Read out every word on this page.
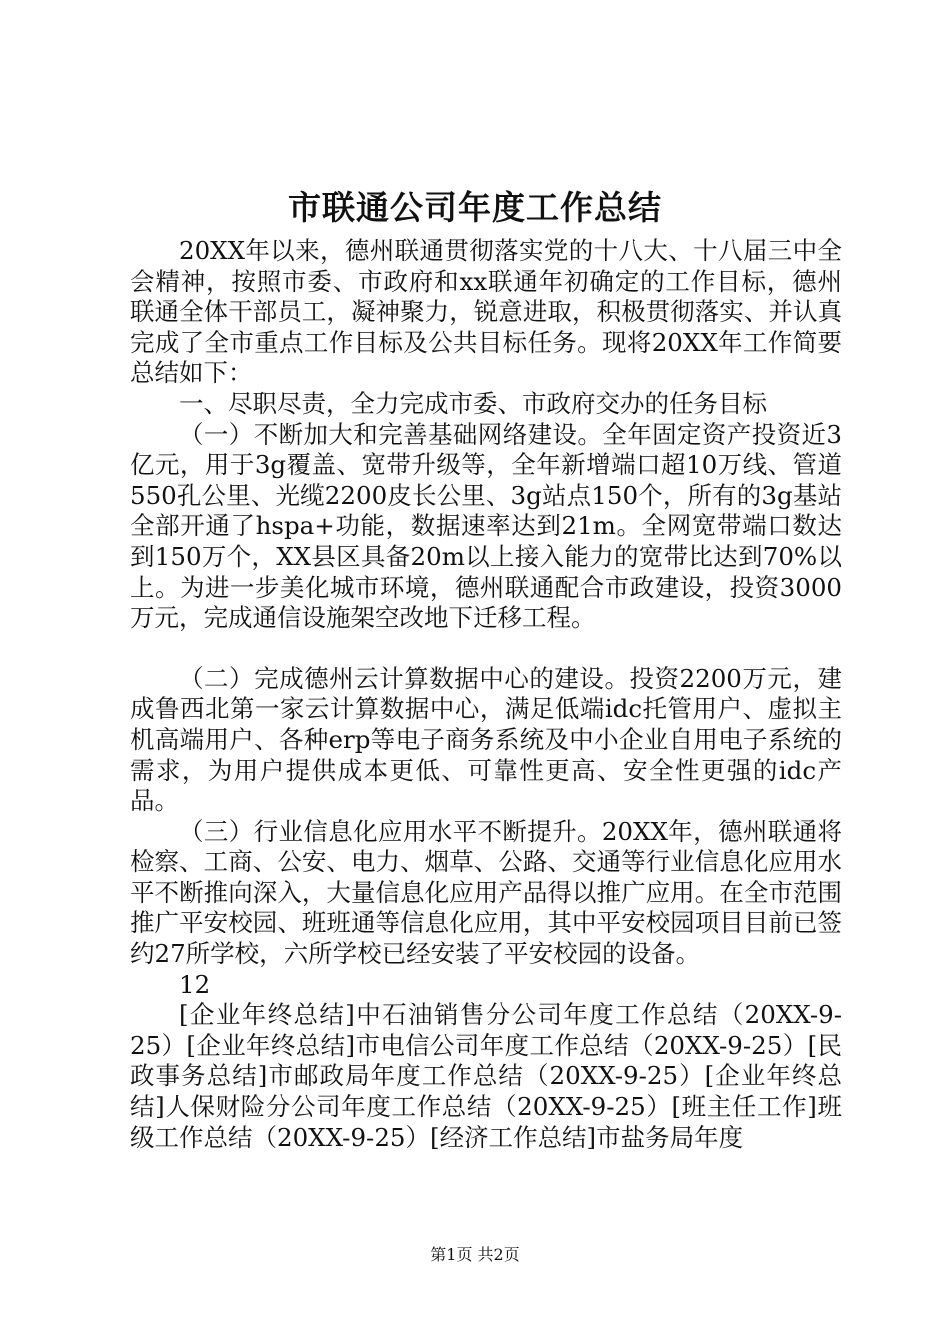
市联通公司年度工作总结

20XX年以来，德州联通贯彻落实党的十八大、十八届三中全会精神，按照市委、市政府和xx联通年初确定的工作目标，德州联通全体干部员工，凝神聚力，锐意进取，积极贯彻落实、并认真完成了全市重点工作目标及公共目标任务。现将20XX年工作简要总结如下：

一、尽职尽责，全力完成市委、市政府交办的任务目标

（一）不断加大和完善基础网络建设。全年固定资产投资近3亿元，用于3g覆盖、宽带升级等，全年新增端口超10万线、管道550孔公里、光缆2200皮长公里、3g站点150个，所有的3g基站全部开通了hspa+功能，数据速率达到21m。全网宽带端口数达到150万个，XX县区具备20m以上接入能力的宽带比达到70%以上。为进一步美化城市环境，德州联通配合市政建设，投资3000万元，完成通信设施架空改地下迁移工程。

（二）完成德州云计算数据中心的建设。投资2200万元，建成鲁西北第一家云计算数据中心，满足低端idc托管用户、虚拟主机高端用户、各种erp等电子商务系统及中小企业自用电子系统的需求，为用户提供成本更低、可靠性更高、安全性更强的idc产品。

（三）行业信息化应用水平不断提升。20XX年，德州联通将检察、工商、公安、电力、烟草、公路、交通等行业信息化应用水平不断推向深入，大量信息化应用产品得以推广应用。在全市范围推广平安校园、班班通等信息化应用，其中平安校园项目目前已签约27所学校，六所学校已经安装了平安校园的设备。

12

[企业年终总结]中石油销售分公司年度工作总结（20XX-9-25）[企业年终总结]市电信公司年度工作总结（20XX-9-25）[民政事务总结]市邮政局年度工作总结（20XX-9-25）[企业年终总结]人保财险分公司年度工作总结（20XX-9-25）[班主任工作]班级工作总结（20XX-9-25）[经济工作总结]市盐务局年度

第1页 共2页
